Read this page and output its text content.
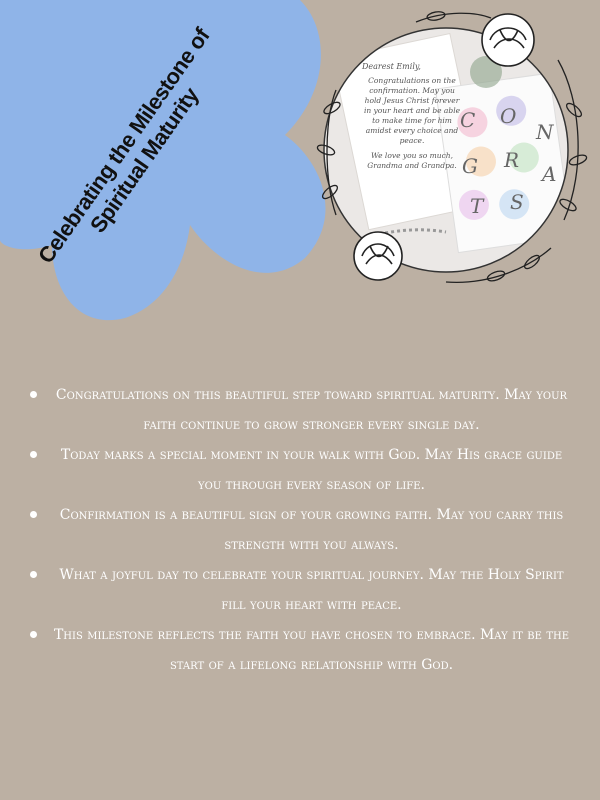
Celebrating the Milestone of Spiritual Maturity
Dearest Emily,

Congratulations on the confirmation. May you hold Jesus Christ forever in your heart and be able to make time for him amidst every choice and peace.

We love you so much, Grandma and Grandpa.

C O
N
G R
A
T S
Congratulations on this beautiful step toward spiritual maturity. May your faith continue to grow stronger every single day.
Today marks a special moment in your walk with God. May His grace guide you through every season of life.
Confirmation is a beautiful sign of your growing faith. May you carry this strength with you always.
What a joyful day to celebrate your spiritual journey. May the Holy Spirit fill your heart with peace.
This milestone reflects the faith you have chosen to embrace. May it be the start of a lifelong relationship with God.
